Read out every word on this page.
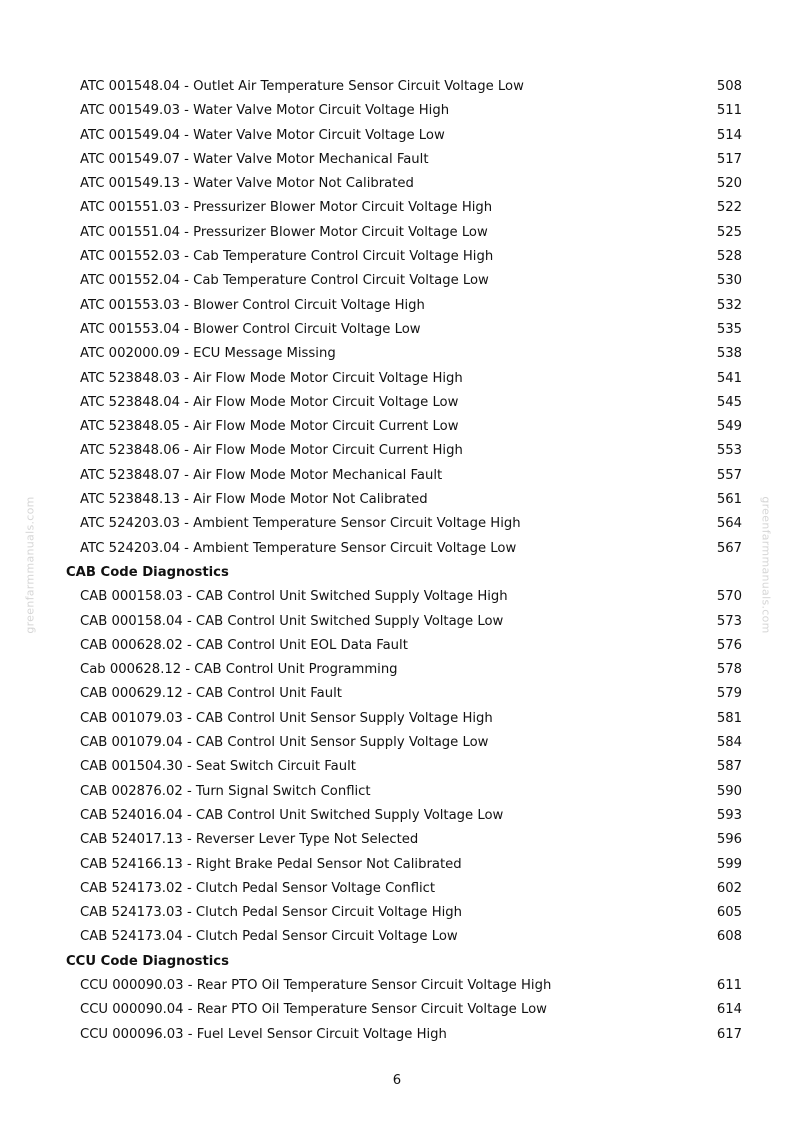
greenfarmmanuals.com	greenfarmmanuals.com
ATC 001548.04 - Outlet Air Temperature Sensor Circuit Voltage Low	508
ATC 001549.03 - Water Valve Motor Circuit Voltage High	511
ATC 001549.04 - Water Valve Motor Circuit Voltage Low	514
ATC 001549.07 - Water Valve Motor Mechanical Fault	517
ATC 001549.13 - Water Valve Motor Not Calibrated	520
ATC 001551.03 - Pressurizer Blower Motor Circuit Voltage High	522
ATC 001551.04 - Pressurizer Blower Motor Circuit Voltage Low	525
ATC 001552.03 - Cab Temperature Control Circuit Voltage High	528
ATC 001552.04 - Cab Temperature Control Circuit Voltage Low	530
ATC 001553.03 - Blower Control Circuit Voltage High	532
ATC 001553.04 - Blower Control Circuit Voltage Low	535
ATC 002000.09 - ECU Message Missing	538
ATC 523848.03 - Air Flow Mode Motor Circuit Voltage High	541
ATC 523848.04 - Air Flow Mode Motor Circuit Voltage Low	545
ATC 523848.05 - Air Flow Mode Motor Circuit Current Low	549
ATC 523848.06 - Air Flow Mode Motor Circuit Current High	553
ATC 523848.07 - Air Flow Mode Motor Mechanical Fault	557
ATC 523848.13 - Air Flow Mode Motor Not Calibrated	561
ATC 524203.03 - Ambient Temperature Sensor Circuit Voltage High	564
ATC 524203.04 - Ambient Temperature Sensor Circuit Voltage Low	567
CAB Code Diagnostics
CAB 000158.03 - CAB Control Unit Switched Supply Voltage High	570
CAB 000158.04 - CAB Control Unit Switched Supply Voltage Low	573
CAB 000628.02 - CAB Control Unit EOL Data Fault	576
Cab 000628.12 - CAB Control Unit Programming	578
CAB 000629.12 - CAB Control Unit Fault	579
CAB 001079.03 - CAB Control Unit Sensor Supply Voltage High	581
CAB 001079.04 - CAB Control Unit Sensor Supply Voltage Low	584
CAB 001504.30 - Seat Switch Circuit Fault	587
CAB 002876.02 - Turn Signal Switch Conflict	590
CAB 524016.04 - CAB Control Unit Switched Supply Voltage Low	593
CAB 524017.13 - Reverser Lever Type Not Selected	596
CAB 524166.13 - Right Brake Pedal Sensor Not Calibrated	599
CAB 524173.02 - Clutch Pedal Sensor Voltage Conflict	602
CAB 524173.03 - Clutch Pedal Sensor Circuit Voltage High	605
CAB 524173.04 - Clutch Pedal Sensor Circuit Voltage Low	608
CCU Code Diagnostics
CCU 000090.03 - Rear PTO Oil Temperature Sensor Circuit Voltage High	611
CCU 000090.04 - Rear PTO Oil Temperature Sensor Circuit Voltage Low	614
CCU 000096.03 - Fuel Level Sensor Circuit Voltage High	617
6
